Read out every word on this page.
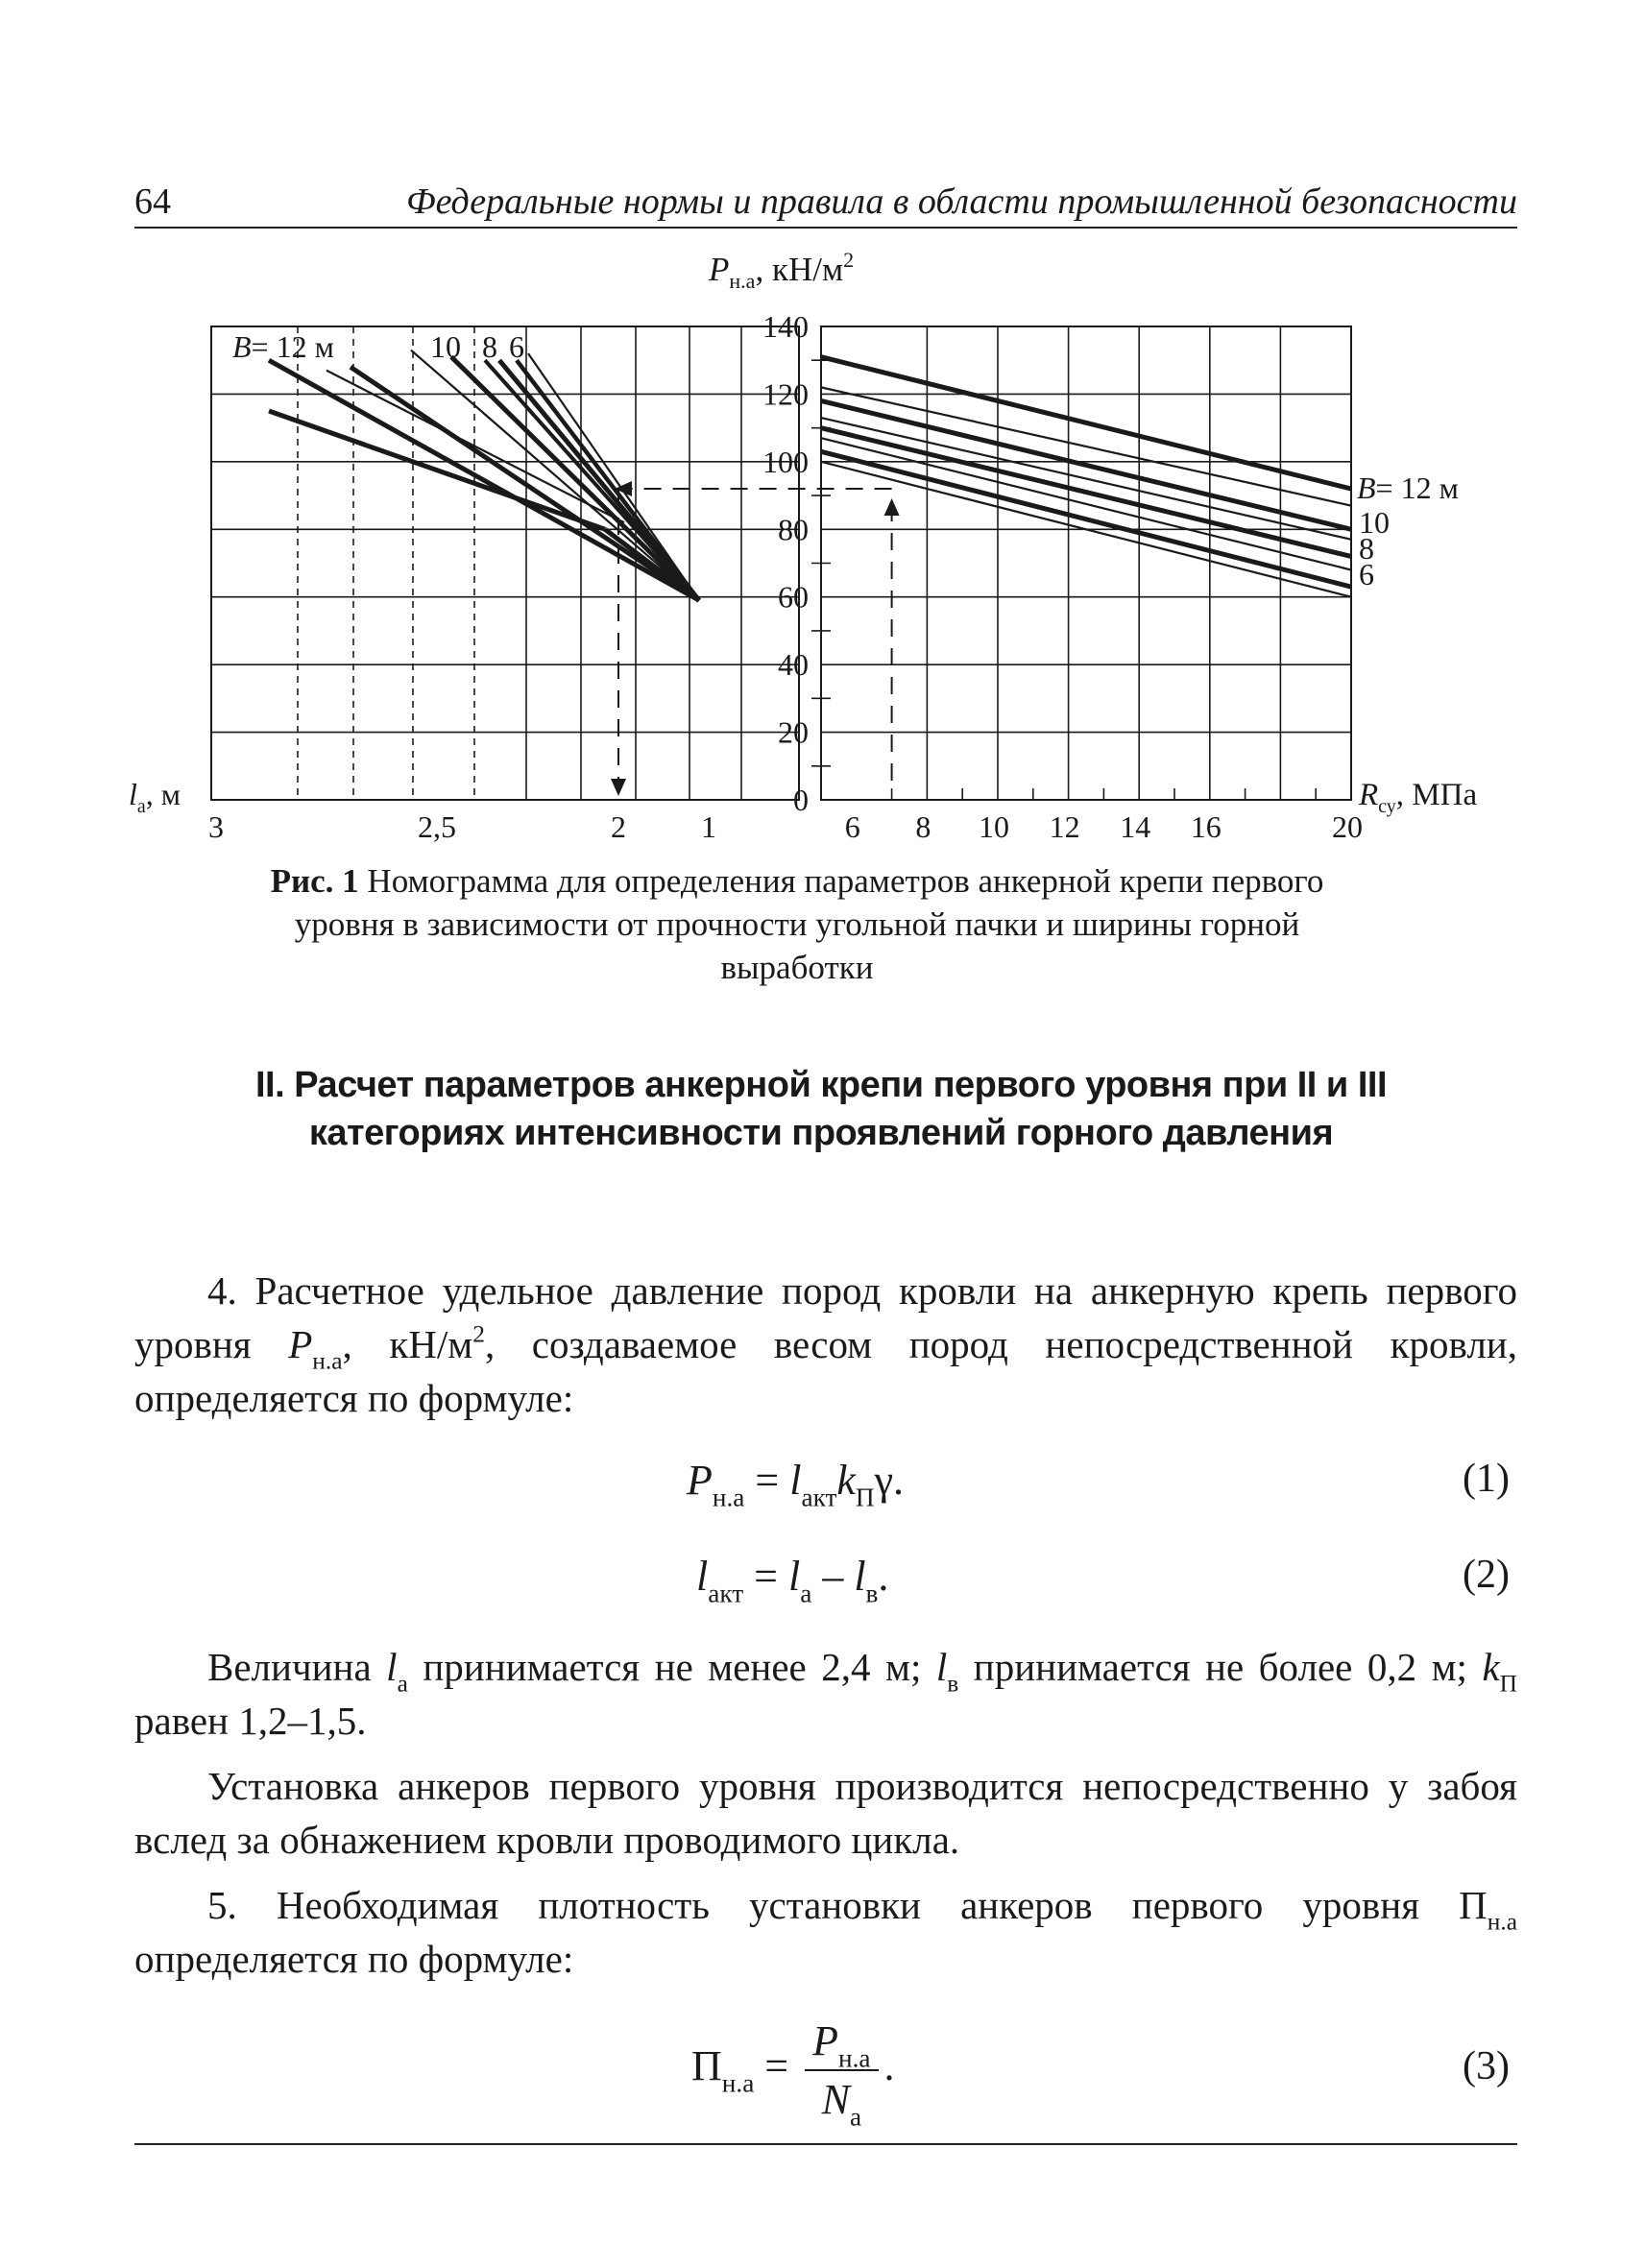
64	Федеральные нормы и правила в области промышленной безопасности
140
120
100
80
60
40
20
0
3	2,5	2 1	6 8 10 12 14 16	20
$P_{н.а}$, $кН/м^2$
$l_а$, м	$R_{су}$, МПа
B= 12 м	10 8 6
B= 12 м
10
8
6
Рис. 1 Номограмма для определения параметров анкерной крепи первого уровня в зависимости от прочности угольной пачки и ширины горной выработки
II. Расчет параметров анкерной крепи первого уровня при II и III категориях интенсивности проявлений горного давления
4. Расчетное удельное давление пород кровли на анкерную крепь первого уровня $P_{н.а}$, $кН/м^2$, создаваемое весом пород непосредственной кровли, определяется по формуле:
$P_{н.а} = l_{акт}k_П\gamma$.	(1)
$l_{акт} = l_а - l_в$.	(2)
Величина $l_а$ принимается не менее 2,4 м; $l_в$ принимается не более 0,2 м; $k_П$ равен 1,2–1,5.
Установка анкеров первого уровня производится непосредственно у забоя вслед за обнажением кровли проводимого цикла.
5. Необходимая плотность установки анкеров первого уровня $П_{н.а}$ определяется по формуле:
$П_{н.а} = \frac{P_{н.а}}{N_а}$ .	(3)
